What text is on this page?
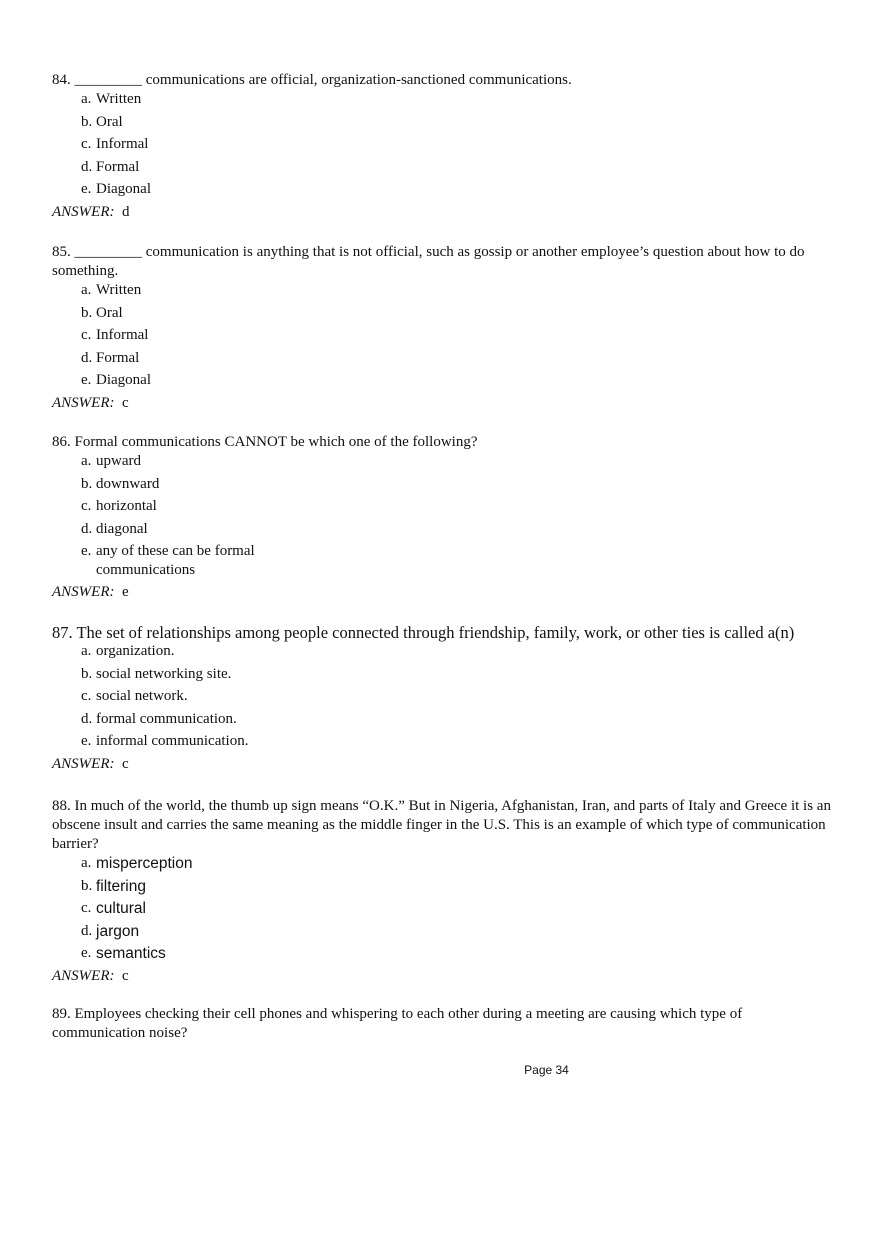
84. _________ communications are official, organization-sanctioned communications.

a. Written
b. Oral
c. Informal
d. Formal
e. Diagonal

ANSWER: d

85. _________ communication is anything that is not official, such as gossip or another employee’s question about how to do something.

a. Written
b. Oral
c. Informal
d. Formal
e. Diagonal

ANSWER: c

86. Formal communications CANNOT be which one of the following?

a. upward
b. downward
c. horizontal
d. diagonal
e. any of these can be formal communications

ANSWER: e

87. The set of relationships among people connected through friendship, family, work, or other ties is called a(n)

a. organization.
b. social networking site.
c. social network.
d. formal communication.
e. informal communication.

ANSWER: c

88. In much of the world, the thumb up sign means “O.K.” But in Nigeria, Afghanistan, Iran, and parts of Italy and Greece it is an obscene insult and carries the same meaning as the middle finger in the U.S. This is an example of which type of communication barrier?

a. misperception
b. filtering
c. cultural
d. jargon
e. semantics

ANSWER: c

89. Employees checking their cell phones and whispering to each other during a meeting are causing which type of communication noise?

Page 34
